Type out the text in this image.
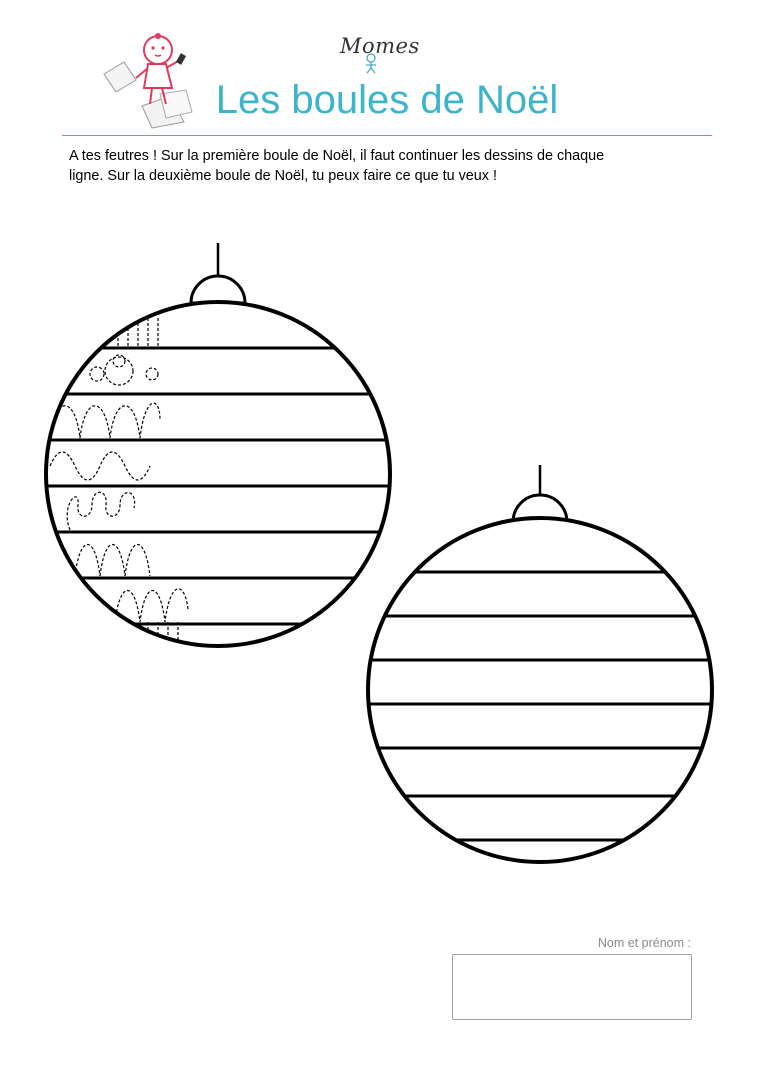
Momes
Les boules de Noël

A tes feutres ! Sur la première boule de Noël, il faut continuer les dessins de chaque

ligne. Sur la deuxième boule de Noël, tu peux faire ce que tu veux !

Nom et prénom :
